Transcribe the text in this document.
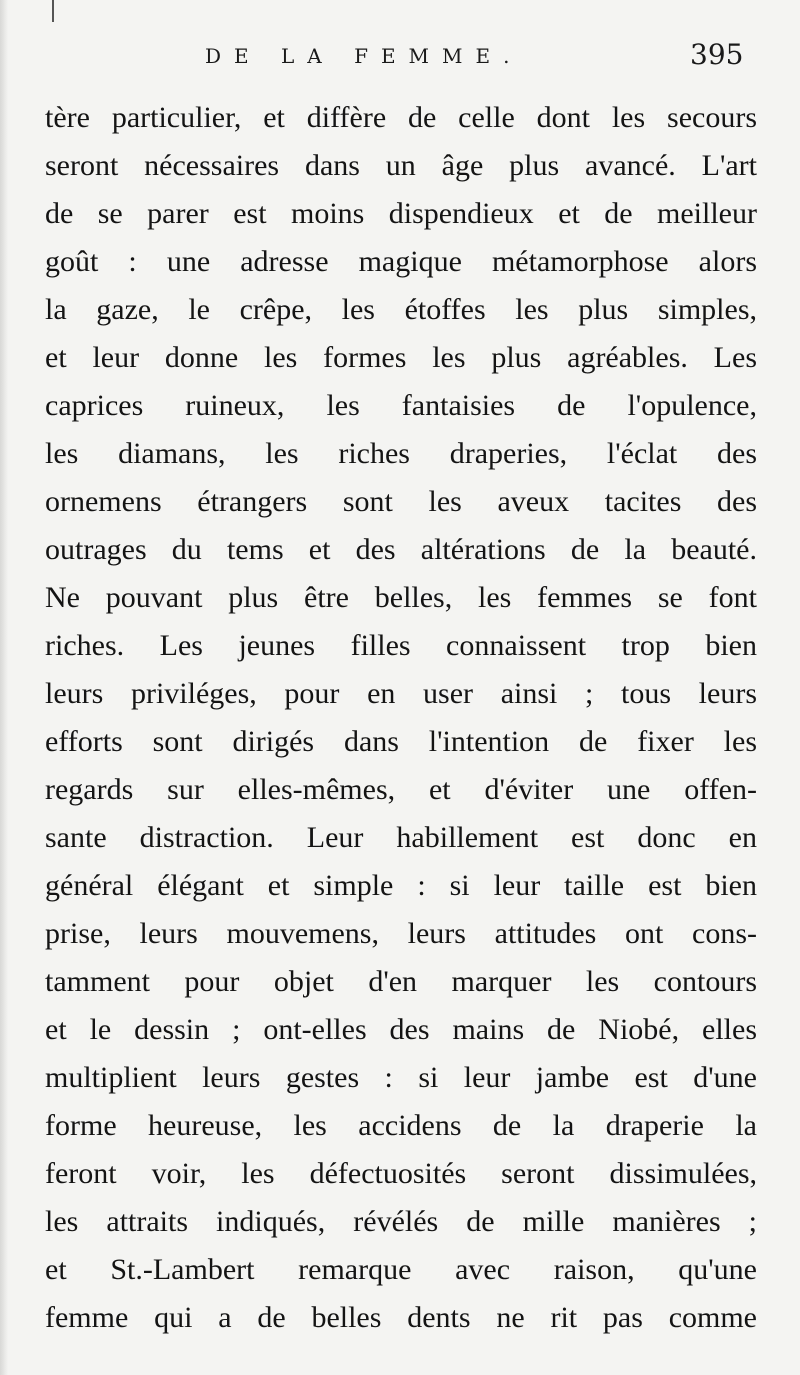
DE LA FEMME.	395
tère particulier, et diffère de celle dont les secours
seront nécessaires dans un âge plus avancé. L'art
de se parer est moins dispendieux et de meilleur
goût : une adresse magique métamorphose alors
la gaze, le crêpe, les étoffes les plus simples,
et leur donne les formes les plus agréables. Les
caprices ruineux, les fantaisies de l'opulence,
les diamans, les riches draperies, l'éclat des
ornemens étrangers sont les aveux tacites des
outrages du tems et des altérations de la beauté.
Ne pouvant plus être belles, les femmes se font
riches. Les jeunes filles connaissent trop bien
leurs priviléges, pour en user ainsi ; tous leurs
efforts sont dirigés dans l'intention de fixer les
regards sur elles-mêmes, et d'éviter une offen-
sante distraction. Leur habillement est donc en
général élégant et simple : si leur taille est bien
prise, leurs mouvemens, leurs attitudes ont cons-
tamment pour objet d'en marquer les contours
et le dessin ; ont-elles des mains de Niobé, elles
multiplient leurs gestes : si leur jambe est d'une
forme heureuse, les accidens de la draperie la
feront voir, les défectuosités seront dissimulées,
les attraits indiqués, révélés de mille manières ;
et St.-Lambert remarque avec raison, qu'une
femme qui a de belles dents ne rit pas comme
